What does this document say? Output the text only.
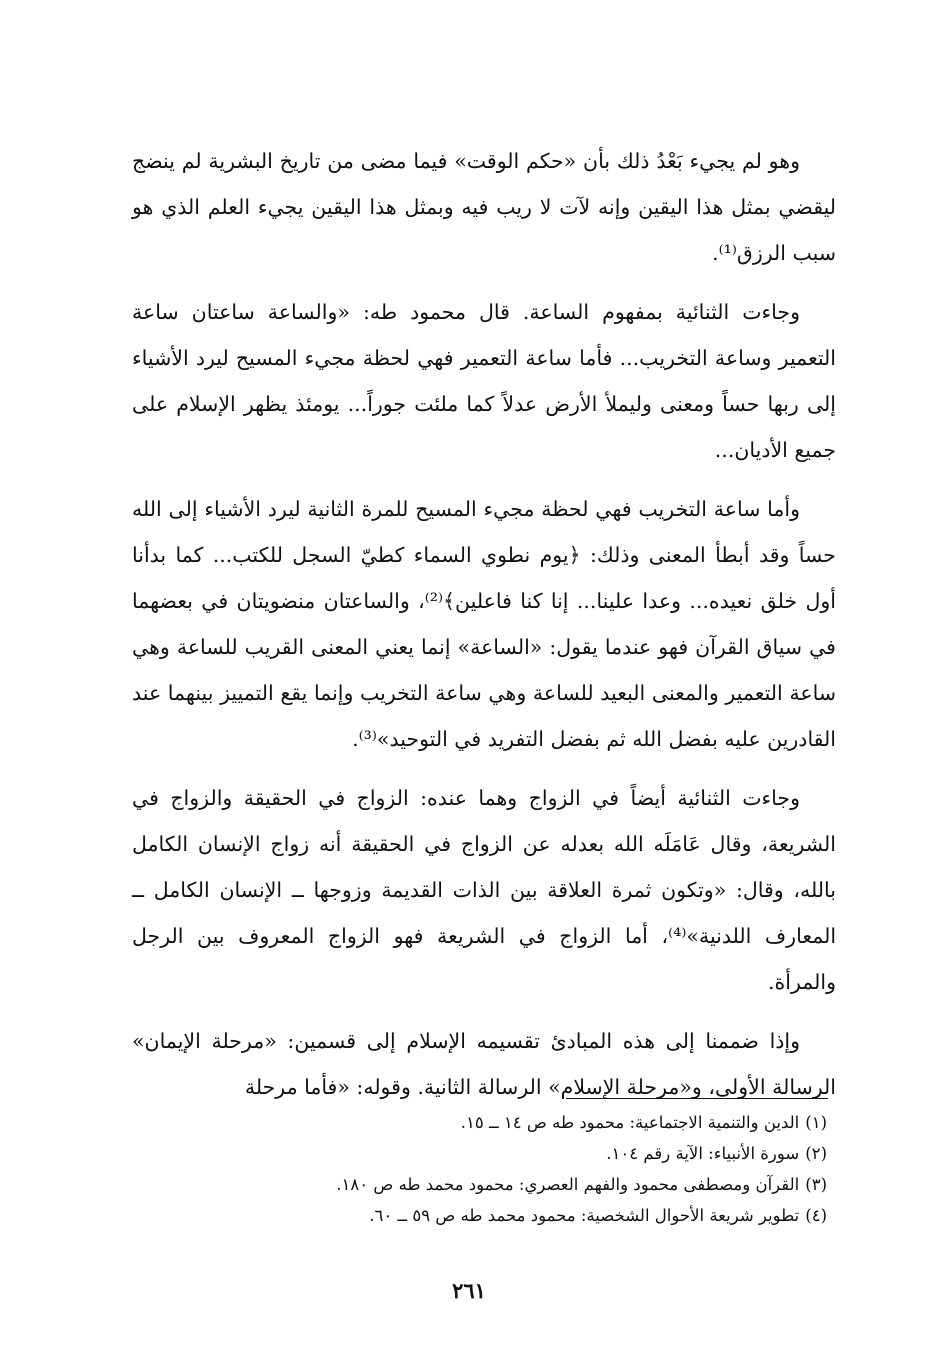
وهو لم يجيء بَعْدُ ذلك بأن «حكم الوقت» فيما مضى من تاريخ البشرية لم ينضج ليقضي بمثل هذا اليقين وإنه لآت لا ريب فيه وبمثل هذا اليقين يجيء العلم الذي هو سبب الرزق⁽¹⁾.

وجاءت الثنائية بمفهوم الساعة. قال محمود طه: «والساعة ساعتان ساعة التعمير وساعة التخريب... فأما ساعة التعمير فهي لحظة مجيء المسيح ليرد الأشياء إلى ربها حساً ومعنى وليملأ الأرض عدلاً كما ملئت جوراً... يومئذ يظهر الإسلام على جميع الأديان...

وأما ساعة التخريب فهي لحظة مجيء المسيح للمرة الثانية ليرد الأشياء إلى الله حساً وقد أبطأ المعنى وذلك: ﴿يوم نطوي السماء كطيّ السجل للكتب... كما بدأنا أول خلق نعيده... وعدا علينا... إنا كنا فاعلين﴾⁽²⁾، والساعتان منضويتان في بعضهما في سياق القرآن فهو عندما يقول: «الساعة» إنما يعني المعنى القريب للساعة وهي ساعة التعمير والمعنى البعيد للساعة وهي ساعة التخريب وإنما يقع التمييز بينهما عند القادرين عليه بفضل الله ثم بفضل التفريد في التوحيد»⁽³⁾.

وجاءت الثنائية أيضاً في الزواج وهما عنده: الزواج في الحقيقة والزواج في الشريعة، وقال عَامَلَه الله بعدله عن الزواج في الحقيقة أنه زواج الإنسان الكامل بالله، وقال: «وتكون ثمرة العلاقة بين الذات القديمة وزوجها ــ الإنسان الكامل ــ المعارف اللدنية»⁽⁴⁾، أما الزواج في الشريعة فهو الزواج المعروف بين الرجل والمرأة.

وإذا ضممنا إلى هذه المبادئ تقسيمه الإسلام إلى قسمين: «مرحلة الإيمان» الرسالة الأولى، و«مرحلة الإسلام» الرسالة الثانية. وقوله: «فأما مرحلة

(١)الدين والتنمية الاجتماعية: محمود طه ص ١٤ ــ ١٥.
(٢)سورة الأنبياء: الآية رقم ١٠٤.
(٣)القرآن ومصطفى محمود والفهم العصري: محمود محمد طه ص ١٨٠.
(٤)تطوير شريعة الأحوال الشخصية: محمود محمد طه ص ٥٩ ــ ٦٠.
٢٦١
